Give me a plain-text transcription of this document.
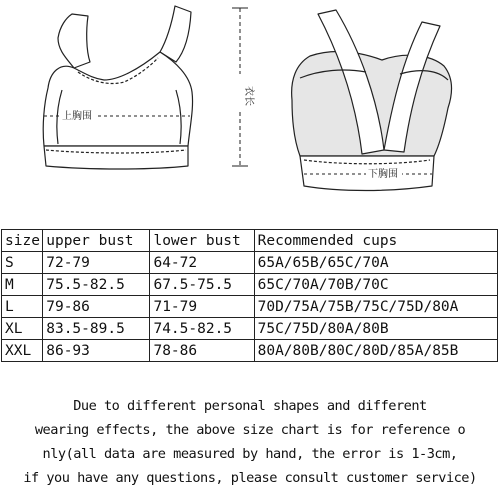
上胸围
衣长
下胸围
size	upper bust	lower bust	Recommended cups
S	72-79	64-72	65A/65B/65C/70A
M	75.5-82.5	67.5-75.5	65C/70A/70B/70C
L	79-86	71-79	70D/75A/75B/75C/75D/80A
XL	83.5-89.5	74.5-82.5	75C/75D/80A/80B
XXL	86-93	78-86	80A/80B/80C/80D/85A/85B
Due to different personal shapes and different
wearing effects, the above size chart is for reference o
nly(all data are measured by hand, the error is 1-3cm,
if you have any questions, please consult customer service)
